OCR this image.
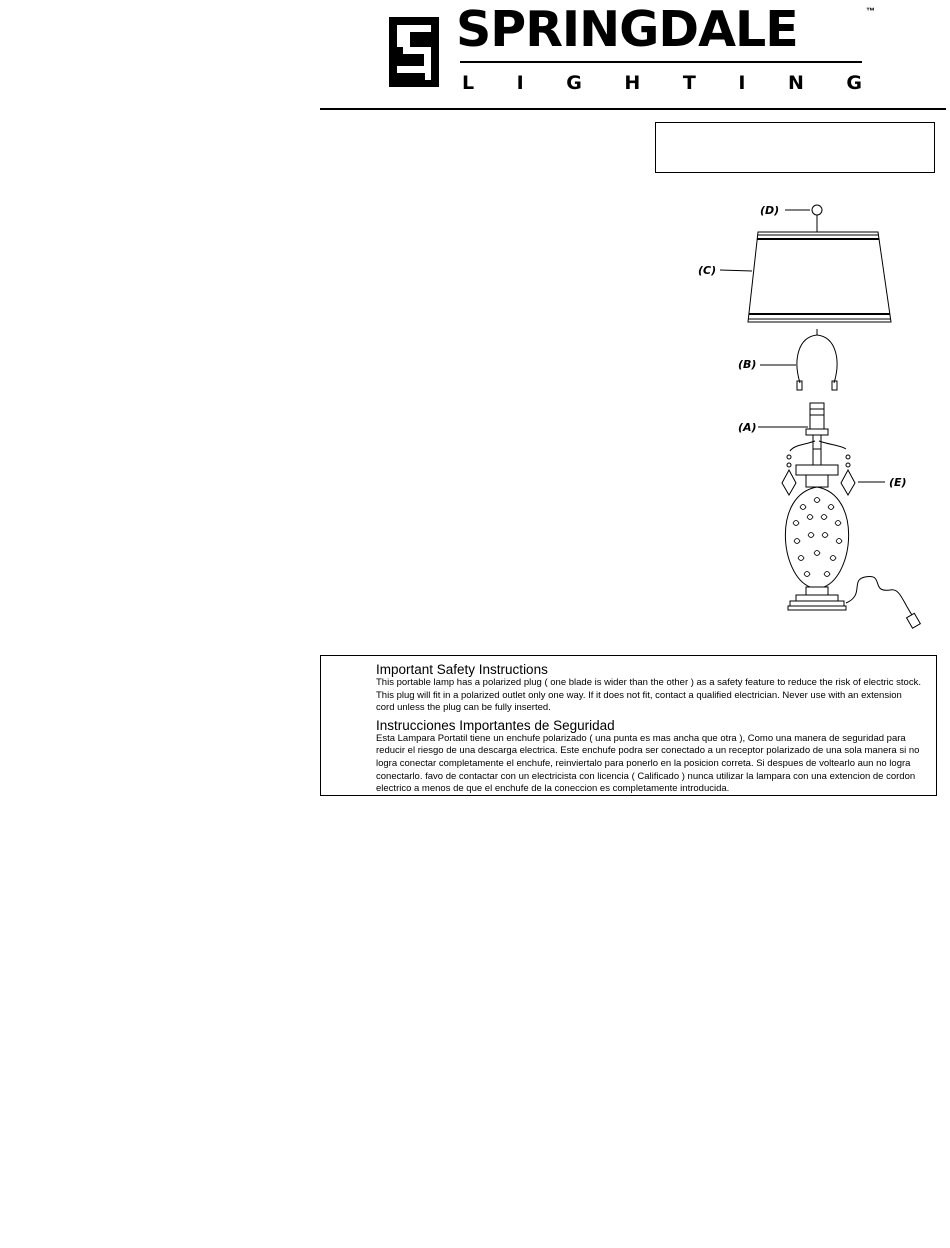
SPRINGDALE	™
L I G H T I N G
(D)
(C)
(B)
(A)
(E)
Important Safety Instructions

This portable lamp has a polarized plug ( one blade is wider than the other ) as a safety feature to reduce the risk of electric stock. This plug will fit in a polarized outlet only one way. If it does not fit, contact a qualified electrician. Never use with an extension cord unless the plug can be fully inserted.

Instrucciones Importantes de Seguridad

Esta Lampara Portatil tiene un enchufe polarizado ( una punta es mas ancha que otra ), Como una manera de seguridad para reducir el riesgo de una descarga electrica. Este enchufe podra ser conectado a un receptor polarizado de una sola manera si no logra conectar completamente el enchufe, reinviertalo para ponerlo en la posicion correta. Si despues de voltearlo aun no logra conectarlo. favo de contactar con un electricista con licencia ( Calificado ) nunca utilizar la lampara con una extencion de cordon electrico a menos de que el enchufe de la coneccion es completamente introducida.
